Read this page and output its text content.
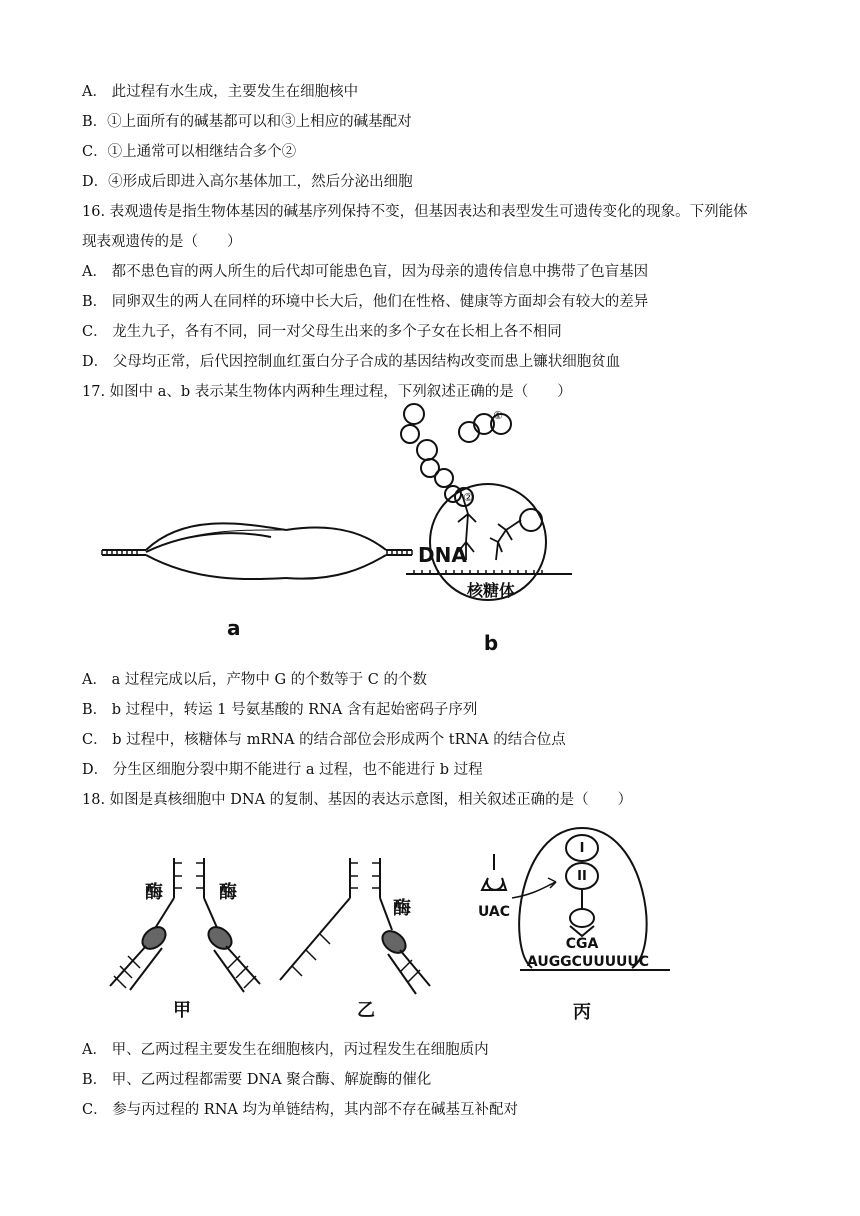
A． 此过程有水生成，主要发生在细胞核中
B．①上面所有的碱基都可以和③上相应的碱基配对
C．①上通常可以相继结合多个②
D．④形成后即进入高尔基体加工，然后分泌出细胞
16. 表观遗传是指生物体基因的碱基序列保持不变，但基因表达和表型发生可遗传变化的现象。下列能体
现表观遗传的是（　　）
A． 都不患色盲的两人所生的后代却可能患色盲，因为母亲的遗传信息中携带了色盲基因
B． 同卵双生的两人在同样的环境中长大后，他们在性格、健康等方面却会有较大的差异
C． 龙生九子，各有不同，同一对父母生出来的多个子女在长相上各不相同
D． 父母均正常，后代因控制血红蛋白分子合成的基因结构改变而患上镰状细胞贫血
17. 如图中 a、b 表示某生物体内两种生理过程，下列叙述正确的是（　　）
DNA
a
①
②
核糖体
b
A． a 过程完成以后，产物中 G 的个数等于 C 的个数
B． b 过程中，转运 1 号氨基酸的 RNA 含有起始密码子序列
C． b 过程中，核糖体与 mRNA 的结合部位会形成两个 tRNA 的结合位点
D． 分生区细胞分裂中期不能进行 a 过程，也不能进行 b 过程
18. 如图是真核细胞中 DNA 的复制、基因的表达示意图，相关叙述正确的是（　　）
酶	酶
甲
酶
乙
I
II
UAC
CGA
AUGGCUUUUUC
丙
A． 甲、乙两过程主要发生在细胞核内，丙过程发生在细胞质内
B． 甲、乙两过程都需要 DNA 聚合酶、解旋酶的催化
C． 参与丙过程的 RNA 均为单链结构，其内部不存在碱基互补配对
